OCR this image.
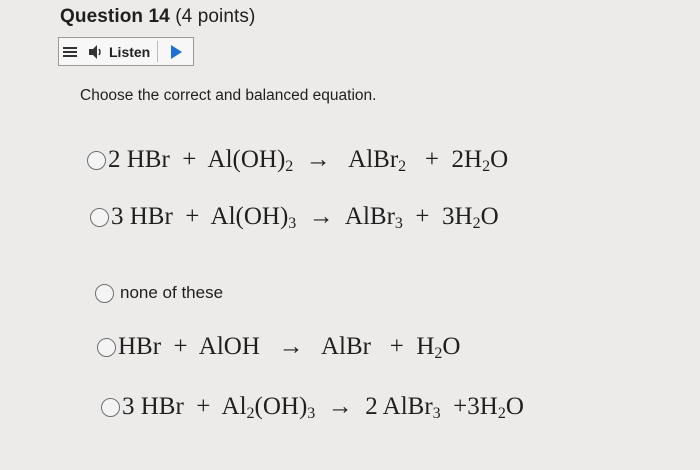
Question 14 (4 points)
Listen
Choose the correct and balanced equation.
2 HBr  +  $Al(OH)_2$  →   AlBr$_2$   +  $2H_2O$
3 HBr  +  $Al(OH)_3$  →  AlBr$_3$  +  $3H_2O$
none of these
HBr  +  AlOH   →   AlBr   +  $H_2O$
3 HBr  +  $Al_2(OH)_3 \to 2$ AlBr$_3$  $+3H_2O$
